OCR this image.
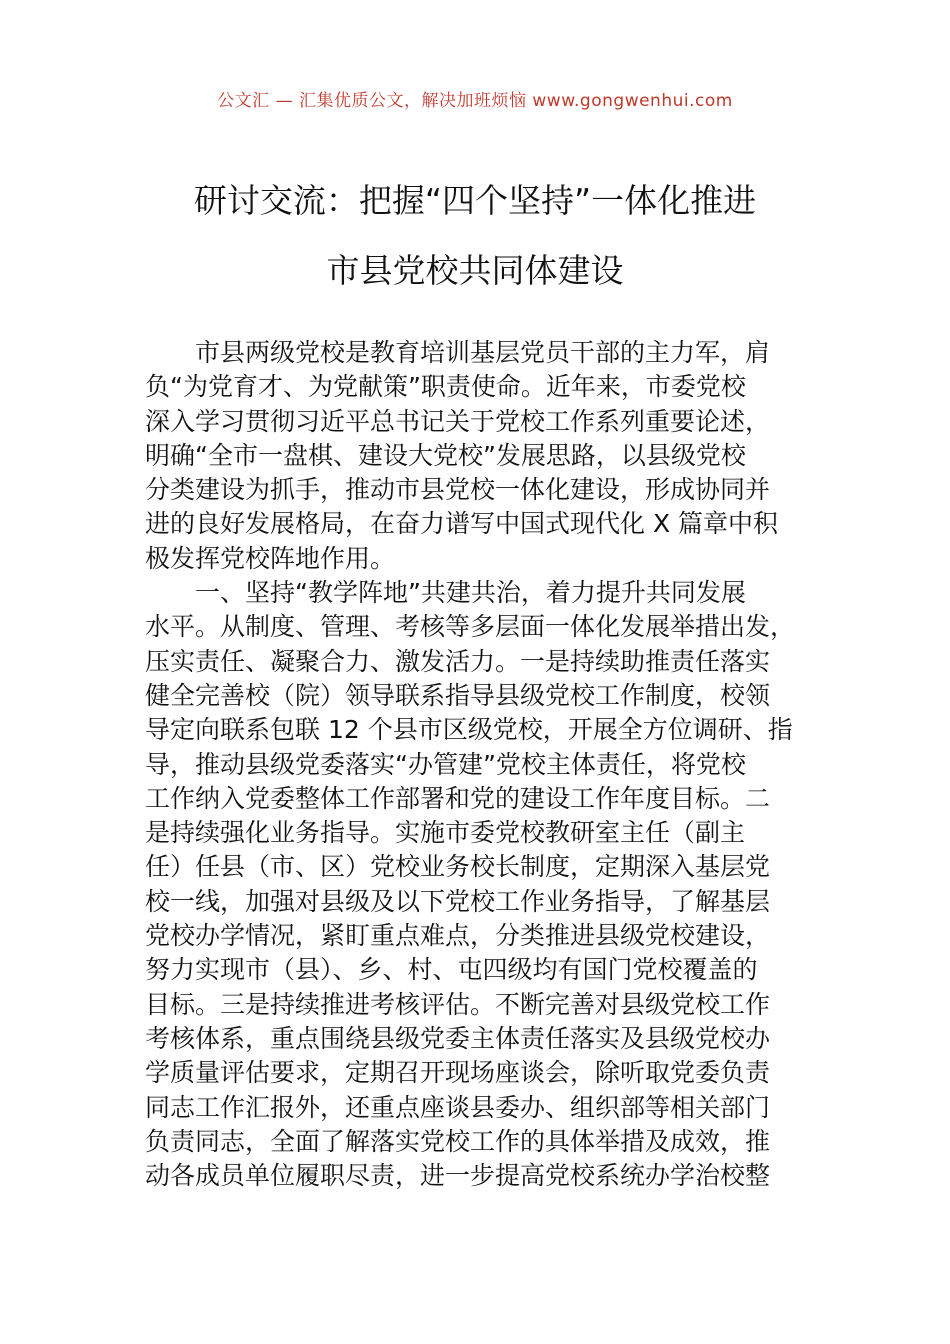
公文汇 — 汇集优质公文，解决加班烦恼 www.gongwenhui.com
研讨交流：把握“四个坚持”一体化推进
市县党校共同体建设
市县两级党校是教育培训基层党员干部的主力军，肩
负“为党育才、为党献策”职责使命。近年来，市委党校
深入学习贯彻习近平总书记关于党校工作系列重要论述，
明确“全市一盘棋、建设大党校”发展思路，以县级党校
分类建设为抓手，推动市县党校一体化建设，形成协同并
进的良好发展格局，在奋力谱写中国式现代化 X 篇章中积
极发挥党校阵地作用。
一、坚持“教学阵地”共建共治，着力提升共同发展
水平。从制度、管理、考核等多层面一体化发展举措出发，
压实责任、凝聚合力、激发活力。一是持续助推责任落实
健全完善校（院）领导联系指导县级党校工作制度，校领
导定向联系包联 12 个县市区级党校，开展全方位调研、指
导，推动县级党委落实“办管建”党校主体责任，将党校
工作纳入党委整体工作部署和党的建设工作年度目标。二
是持续强化业务指导。实施市委党校教研室主任（副主
任）任县（市、区）党校业务校长制度，定期深入基层党
校一线，加强对县级及以下党校工作业务指导，了解基层
党校办学情况，紧盯重点难点，分类推进县级党校建设，
努力实现市（县）、乡、村、屯四级均有国门党校覆盖的
目标。三是持续推进考核评估。不断完善对县级党校工作
考核体系，重点围绕县级党委主体责任落实及县级党校办
学质量评估要求，定期召开现场座谈会，除听取党委负责
同志工作汇报外，还重点座谈县委办、组织部等相关部门
负责同志，全面了解落实党校工作的具体举措及成效，推
动各成员单位履职尽责，进一步提高党校系统办学治校整
